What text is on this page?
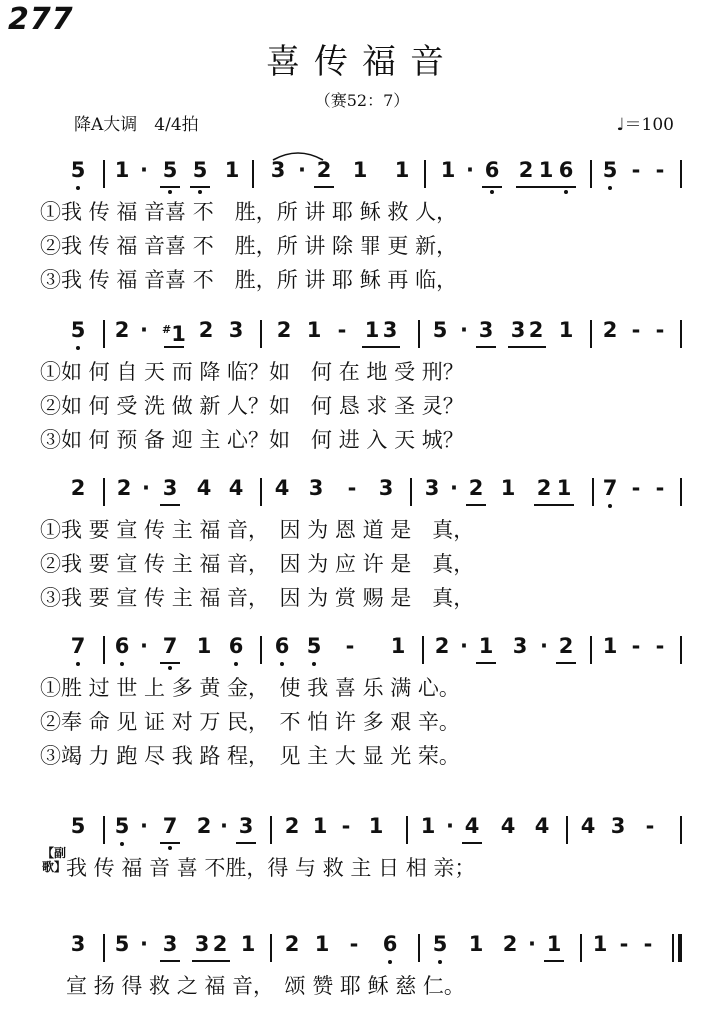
277
喜传福音
（赛52：7）
降A大调　4/4拍	♩＝100
5 1 · 5 5 1 3 · 2 1 1 1 · 6 2 1 6 5 - -
①我 传 福 音喜 不　胜，所 讲 耶 稣 救 人，
②我 传 福 音喜 不　胜，所 讲 除 罪 更 新，
③我 传 福 音喜 不　胜，所 讲 耶 稣 再 临，
5 2 ·	#1 2 3 2 1 - 1 3 5 · 3 3 2 1 2 - -
①如 何 自 天 而 降 临？如　何 在 地 受 刑？
②如 何 受 洗 做 新 人？如　何 恳 求 圣 灵？
③如 何 预 备 迎 主 心？如　何 进 入 天 城？
2 2 · 3 4 4 4 3 - 3 3 · 2 1 2 1 7 - -
①我 要 宣 传 主 福 音，　因 为 恩 道 是　真，
②我 要 宣 传 主 福 音，　因 为 应 许 是　真，
③我 要 宣 传 主 福 音，　因 为 赏 赐 是　真，
7 6 · 7 1 6 6 5 - 1 2 · 1 3 · 2 1 - -
①胜 过 世 上 多 黄 金，　使 我 喜 乐 满 心。
②奉 命 见 证 对 万 民，　不 怕 许 多 艰 辛。
③竭 力 跑 尽 我 路 程，　见 主 大 显 光 荣。
5 5 · 7 2 · 3 2 1 - 1 1 · 4 4 4 4 3 -
【副歌】 我 传 福 音 喜 不胜，得 与 救 主 日 相 亲；
3 5 · 3 3 2 1 2 1 - 6 5 1 2 · 1 1 - -
宣 扬 得 救 之 福 音，　颂 赞 耶 稣 慈 仁。
